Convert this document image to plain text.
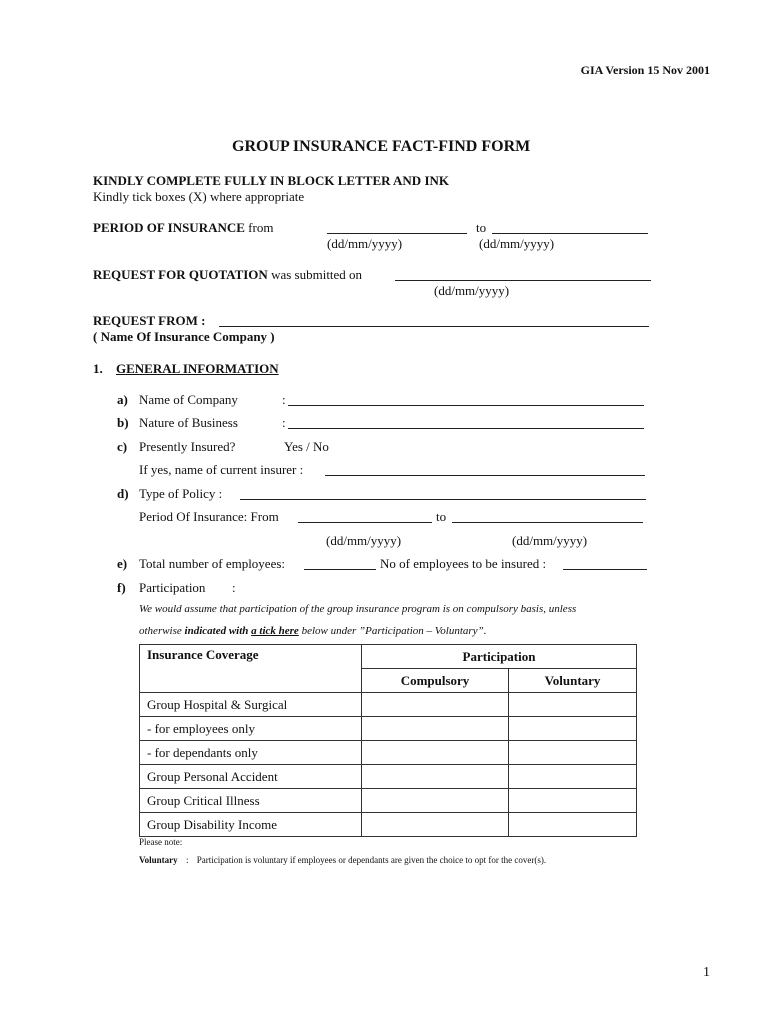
GIA Version 15 Nov 2001
GROUP INSURANCE FACT-FIND FORM
KINDLY COMPLETE FULLY IN BLOCK LETTER AND INK
Kindly tick boxes (X) where appropriate
PERIOD OF INSURANCE from	to
(dd/mm/yyyy)	(dd/mm/yyyy)
REQUEST FOR QUOTATION was submitted on
(dd/mm/yyyy)
REQUEST FROM :
( Name Of Insurance Company )
1. GENERAL INFORMATION
a) Name of Company	:
b) Nature of Business	:
c) Presently Insured?	Yes / No
If yes, name of current insurer :
d) Type of Policy :
Period Of Insurance: From	to
(dd/mm/yyyy)	(dd/mm/yyyy)
e) Total number of employees:	No of employees to be insured :
f) Participation :
We would assume that participation of the group insurance program is on compulsory basis, unless
otherwise indicated with a tick here below under ”Participation – Voluntary”.
Insurance Coverage	Participation	
	Compulsory	Voluntary
Group Hospital & Surgical		
- for employees only		
- for dependants only		
Group Personal Accident		
Group Critical Illness		
Group Disability Income		
Please note:
Voluntary : Participation is voluntary if employees or dependants are given the choice to opt for the cover(s).
1
